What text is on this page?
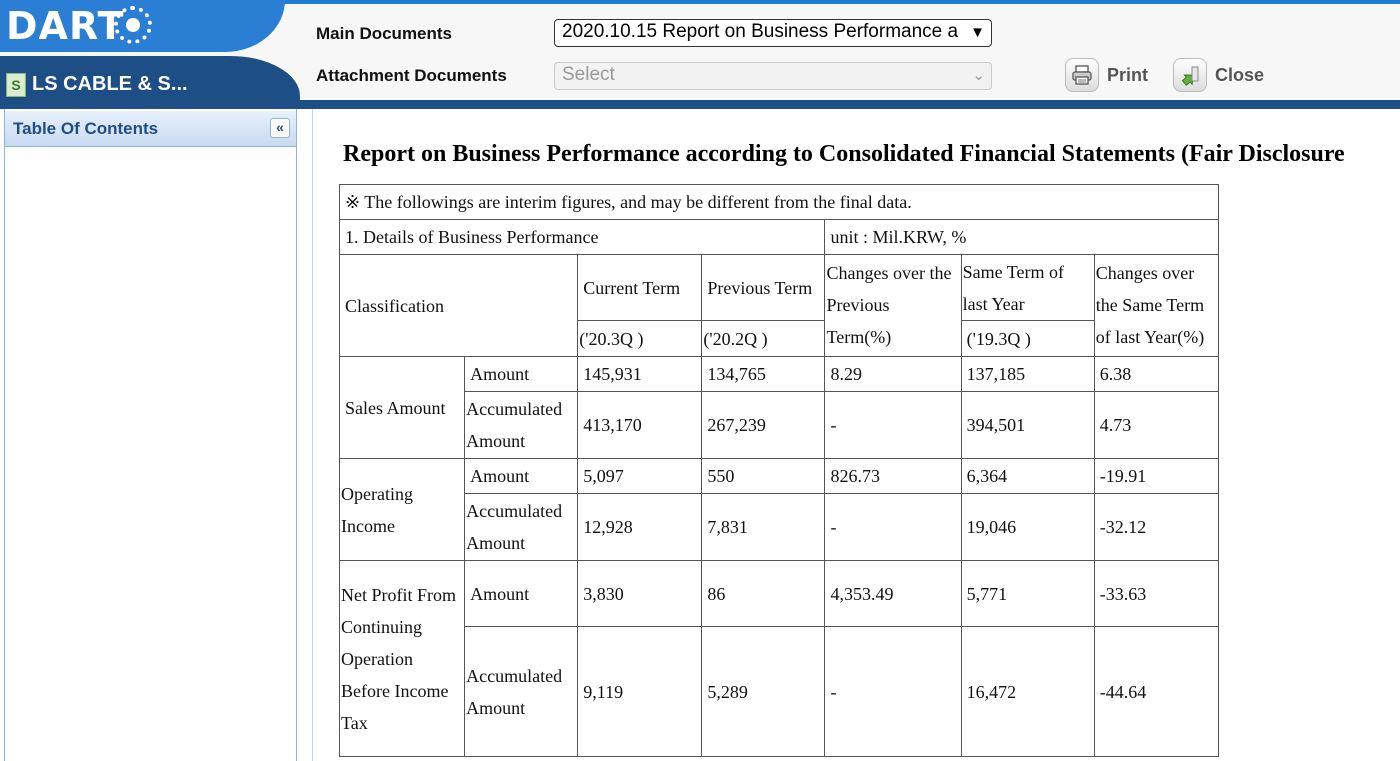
DART
S LS CABLE & S...
Main Documents	2020.10.15 Report on Business Performance a ▼
Attachment Documents	Select	⌄	Print	Close
Table Of Contents	«
Report on Business Performance according to Consolidated Financial Statements (Fair Disclosure
※ The followings are interim figures, and may be different from the final data.						
1. Details of Business Performance				unit : Mil.KRW, %		
Classification		Current Term	Previous Term	Changes over the Previous Term(%)	Same Term of last Year	Changes over the Same Term of last Year(%)
		('20.3Q )	('20.2Q )		('19.3Q )	
Sales Amount	Amount	145,931	134,765	8.29	137,185	6.38
	Accumulated Amount	413,170	267,239	-	394,501	4.73
Operating Income	Amount	5,097	550	826.73	6,364	-19.91
	Accumulated Amount	12,928	7,831	-	19,046	-32.12
Net Profit From Continuing Operation Before Income Tax	Amount	3,830	86	4,353.49	5,771	-33.63
	Accumulated Amount	9,119	5,289	-	16,472	-44.64
